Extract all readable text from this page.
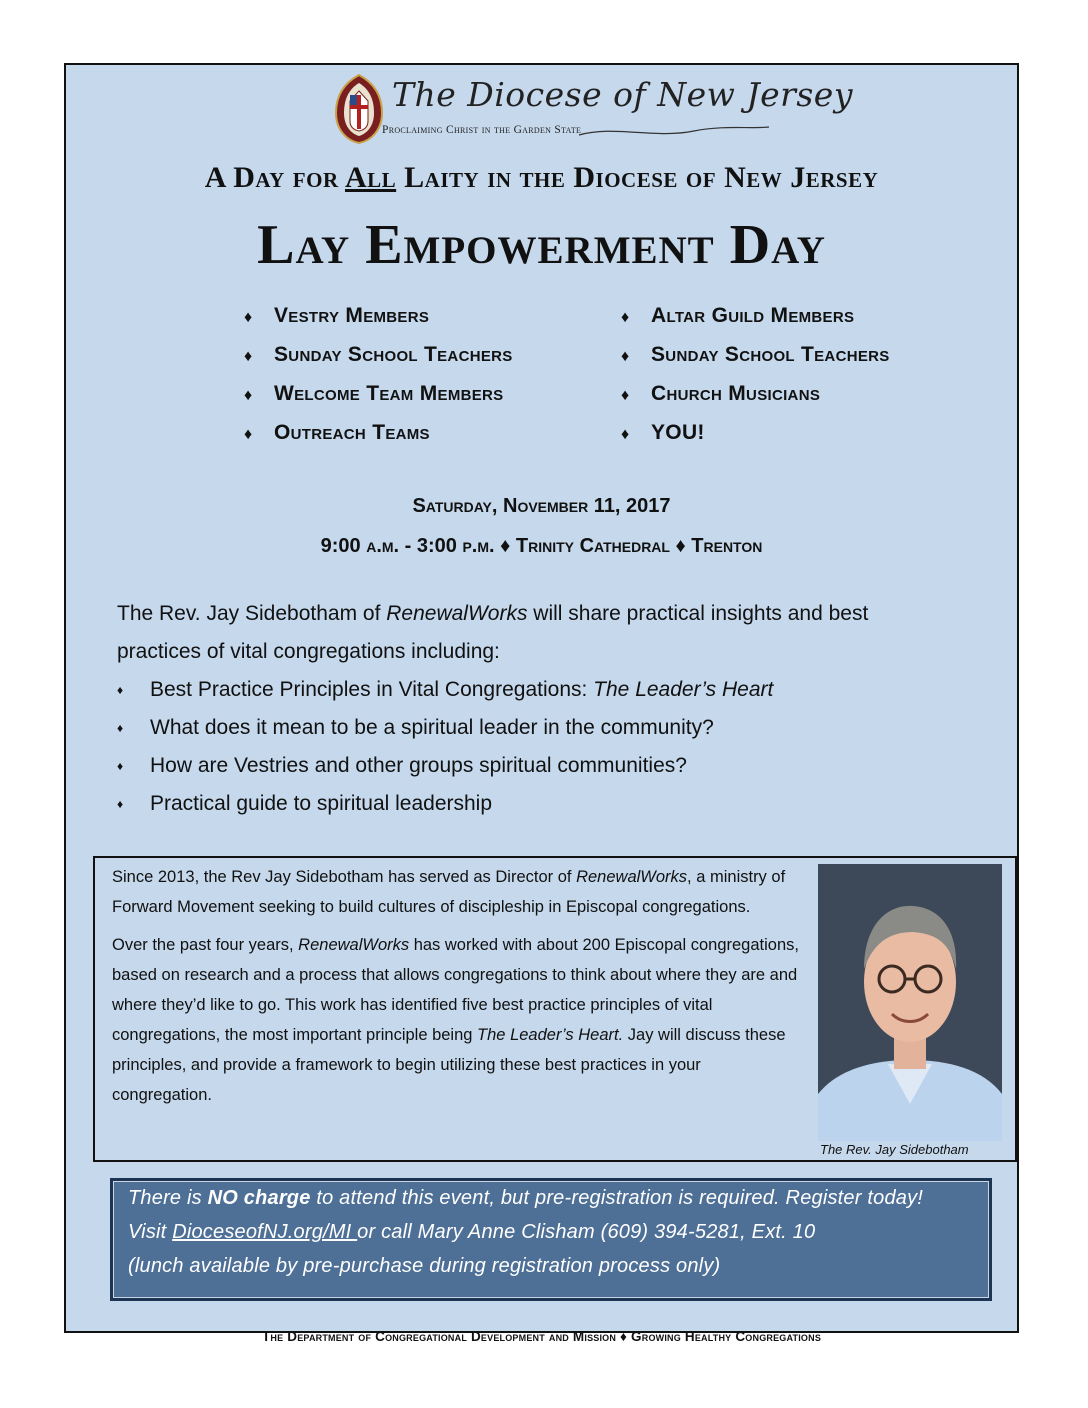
The Diocese of New Jersey
Proclaiming Christ in the Garden State
A Day for All Laity in the Diocese of New Jersey
Lay Empowerment Day
♦ Vestry Members
♦ Sunday School Teachers
♦ Welcome Team Members
♦ Outreach Teams
♦ Altar Guild Members
♦ Sunday School Teachers
♦ Church Musicians
♦ YOU!
Saturday, November 11, 2017
9:00 a.m. - 3:00 p.m. ♦ Trinity Cathedral ♦ Trenton
The Rev. Jay Sidebotham of RenewalWorks will share practical insights and best practices of vital congregations including:
♦ Best Practice Principles in Vital Congregations: The Leader’s Heart
♦ What does it mean to be a spiritual leader in the community?
♦ How are Vestries and other groups spiritual communities?
♦ Practical guide to spiritual leadership

Since 2013, the Rev Jay Sidebotham has served as Director of RenewalWorks, a ministry of Forward Movement seeking to build cultures of discipleship in Episcopal congregations.

Over the past four years, RenewalWorks has worked with about 200 Episcopal congregations, based on research and a process that allows congregations to think about where they are and where they’d like to go. This work has identified five best practice principles of vital congregations, the most important principle being The Leader’s Heart. Jay will discuss these principles, and provide a framework to begin utilizing these best practices in your congregation.

The Rev. Jay Sidebotham
There is NO charge to attend this event, but pre-registration is required. Register today!
Visit DioceseofNJ.org/MI or call Mary Anne Clisham (609) 394-5281, Ext. 10
(lunch available by pre-purchase during registration process only)
The Department of Congregational Development and Mission ♦ Growing Healthy Congregations
